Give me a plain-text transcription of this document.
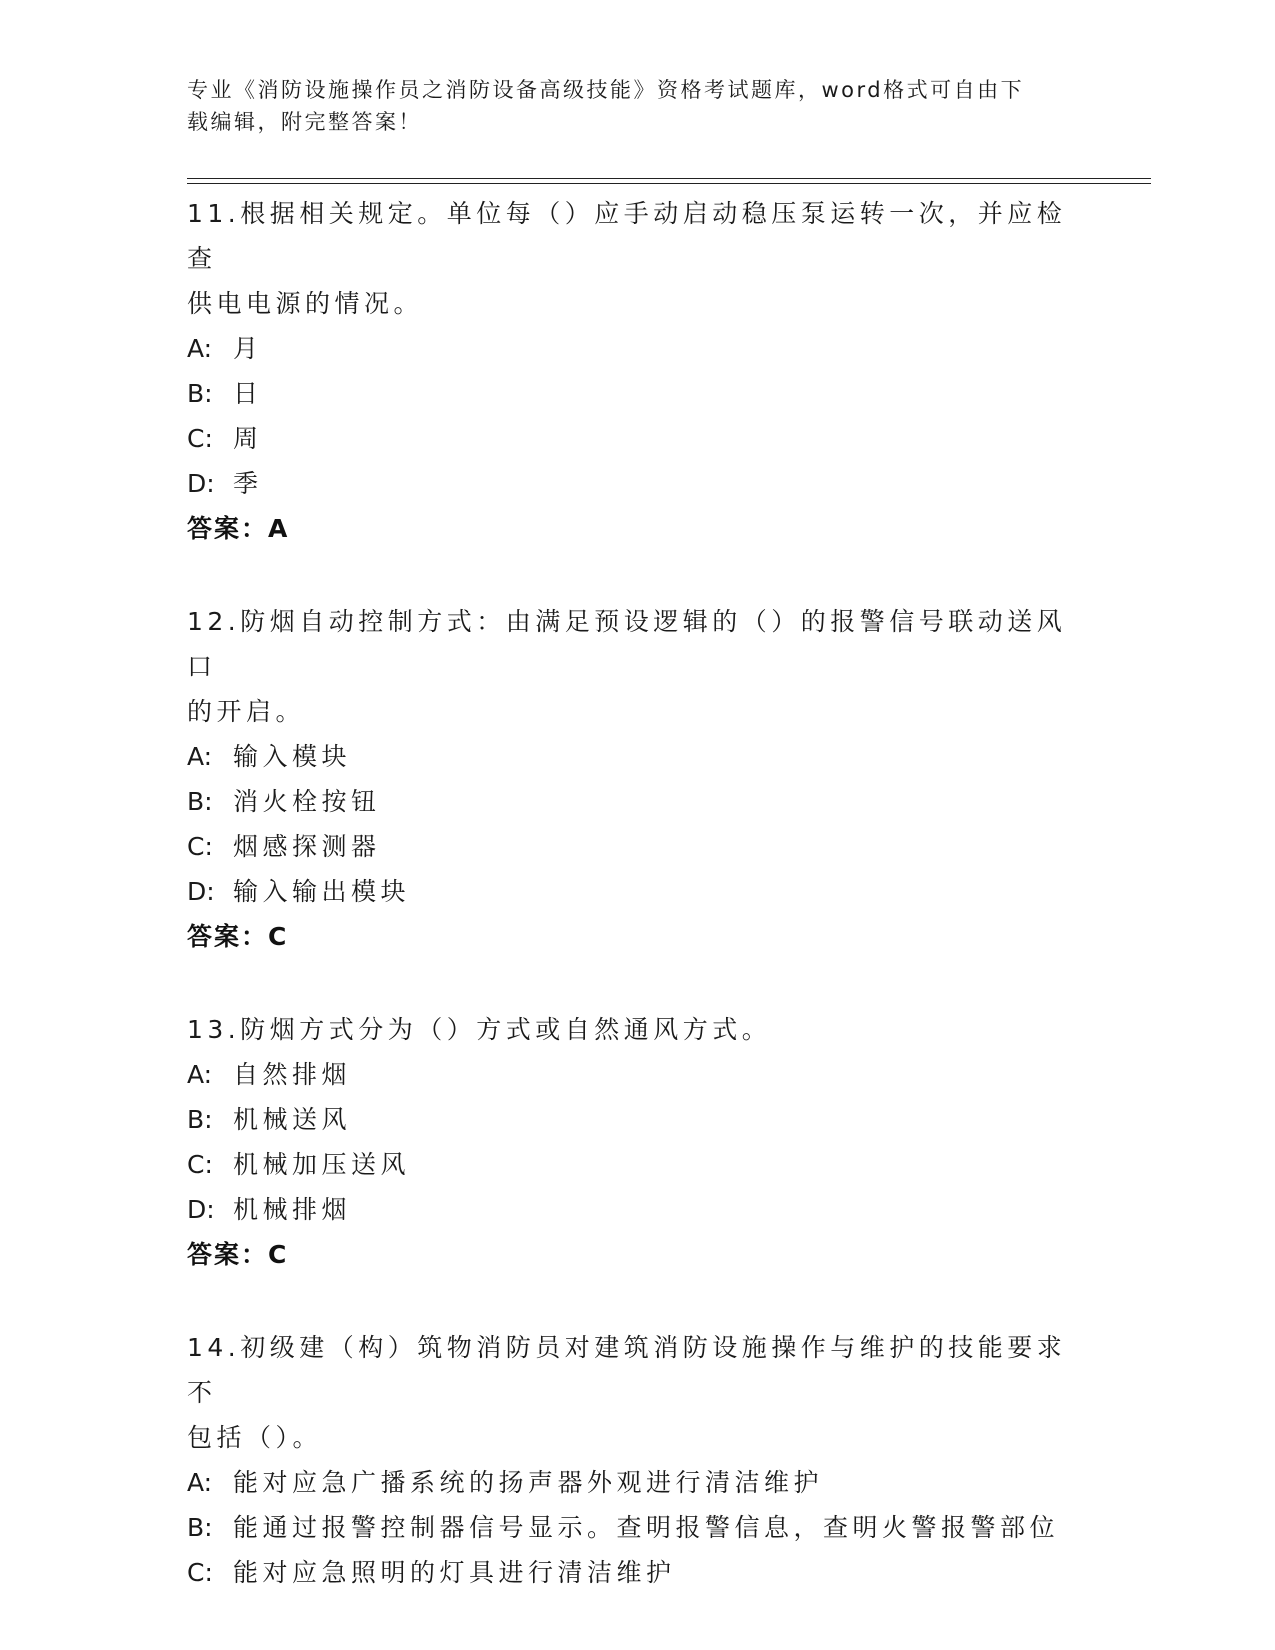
专业《消防设施操作员之消防设备高级技能》资格考试题库，word格式可自由下
载编辑，附完整答案！
11.根据相关规定。单位每（）应手动启动稳压泵运转一次，并应检查
供电电源的情况。
A: 月
B: 日
C: 周
D: 季
答案：A
12.防烟自动控制方式：由满足预设逻辑的（）的报警信号联动送风口
的开启。
A: 输入模块
B: 消火栓按钮
C: 烟感探测器
D: 输入输出模块
答案：C
13.防烟方式分为（）方式或自然通风方式。
A: 自然排烟
B: 机械送风
C: 机械加压送风
D: 机械排烟
答案：C
14.初级建（构）筑物消防员对建筑消防设施操作与维护的技能要求不
包括（）。
A: 能对应急广播系统的扬声器外观进行清洁维护
B: 能通过报警控制器信号显示。查明报警信息，查明火警报警部位
C: 能对应急照明的灯具进行清洁维护
